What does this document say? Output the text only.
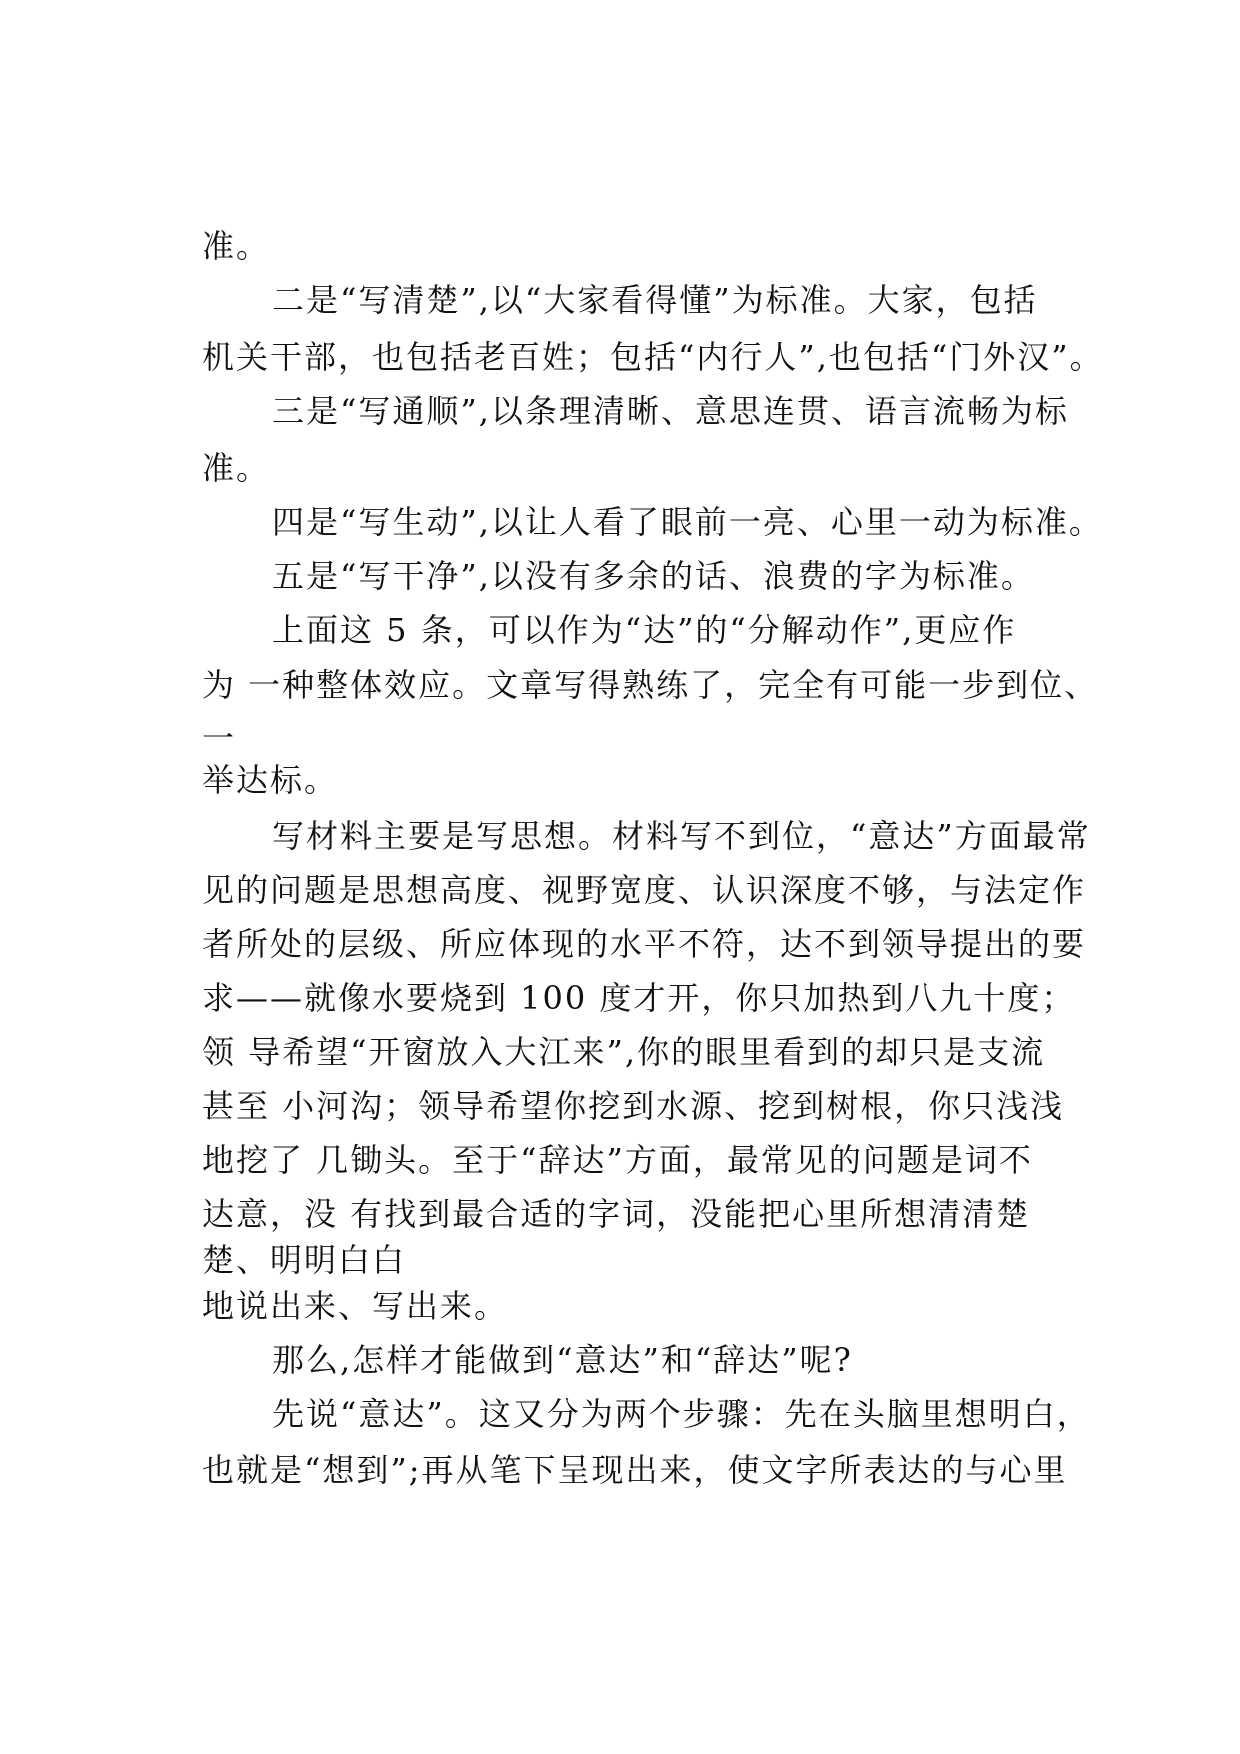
准。
二是“写清楚”,以“大家看得懂”为标准。大家，包括
机关干部，也包括老百姓；包括“内行人”,也包括“门外汉”。
三是“写通顺”,以条理清晰、意思连贯、语言流畅为标
准。
四是“写生动”,以让人看了眼前一亮、心里一动为标准。
五是“写干净”,以没有多余的话、浪费的字为标准。
上面这 5 条，可以作为“达”的“分解动作”,更应作
为 一种整体效应。文章写得熟练了，完全有可能一步到位、
一
举达标。
写材料主要是写思想。材料写不到位，“意达”方面最常
见的问题是思想高度、视野宽度、认识深度不够，与法定作
者所处的层级、所应体现的水平不符，达不到领导提出的要
求——就像水要烧到 100 度才开，你只加热到八九十度；
领 导希望“开窗放入大江来”,你的眼里看到的却只是支流
甚至 小河沟；领导希望你挖到水源、挖到树根，你只浅浅
地挖了 几锄头。至于“辞达”方面，最常见的问题是词不
达意，没 有找到最合适的字词，没能把心里所想清清楚
楚、明明白白
地说出来、写出来。
那么,怎样才能做到“意达”和“辞达”呢?
先说“意达”。这又分为两个步骤：先在头脑里想明白，
也就是“想到”;再从笔下呈现出来，使文字所表达的与心里
